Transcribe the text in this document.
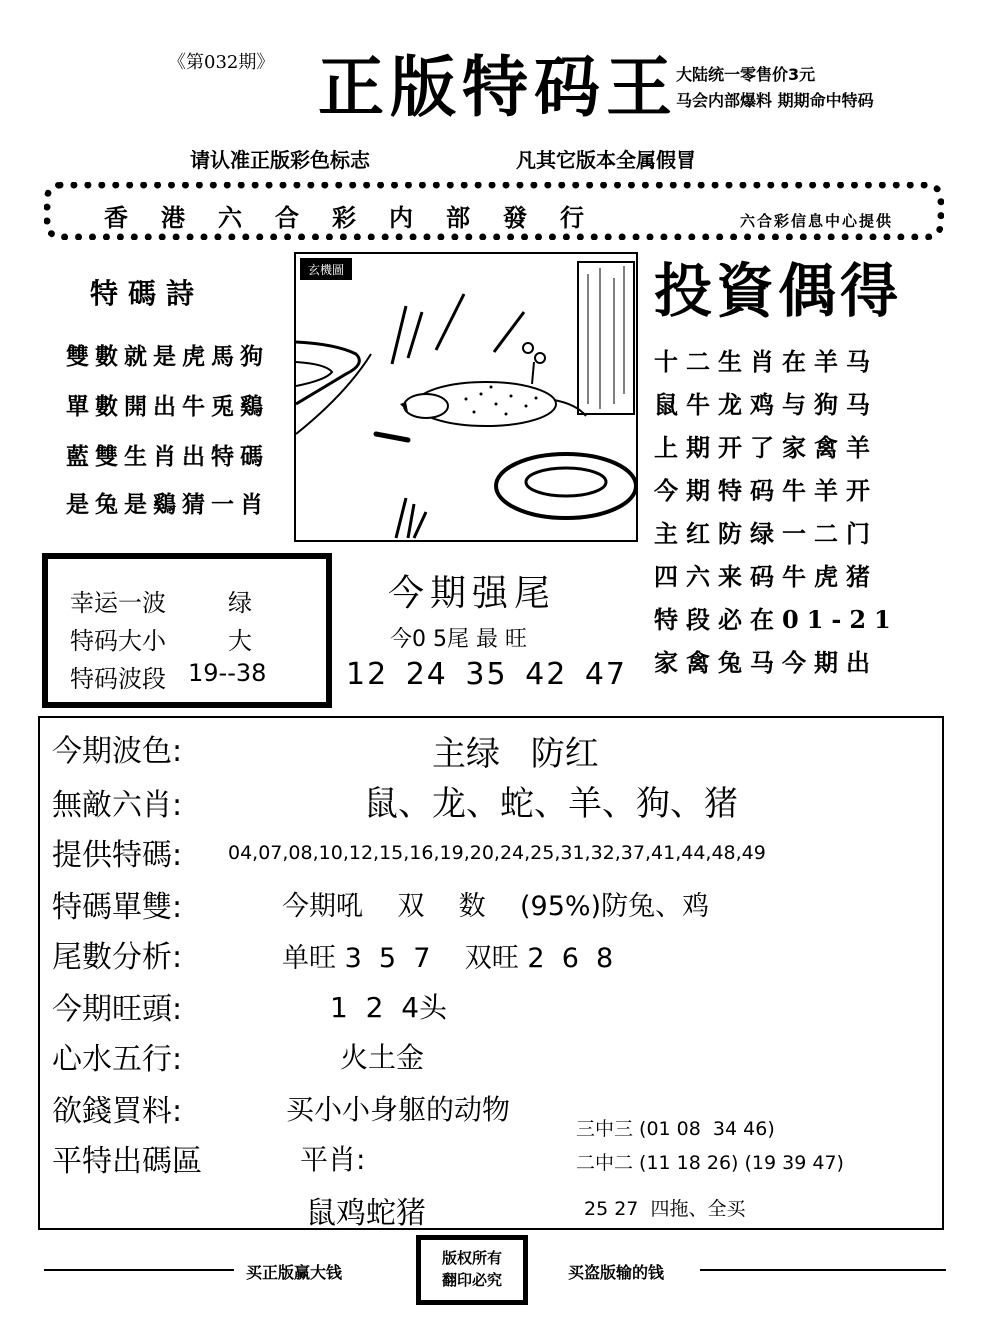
《第032期》 正版特码王
大陆统一零售价3元
马会内部爆料 期期命中特码
请认准正版彩色标志	凡其它版本全属假冒
香港六合彩内部發行	六合彩信息中心提供
特碼詩
雙數就是虎馬狗
單數開出牛兎鷄
藍雙生肖出特碼
是兔是鷄猜一肖
玄機圖	投資偶得
十二生肖在羊马
鼠牛龙鸡与狗马
上期开了家禽羊
今期特码牛羊开
主红防绿一二门
四六来码牛虎猪
特段必在01-21
家禽兔马今期出
幸运一波	绿
特码大小	大
特码波段 19--38
今期强尾
今0 5尾 最 旺
12 24 35 42 47
今期波色:	主绿 防红
無敵六肖:	鼠、龙、蛇、羊、狗、猪
提供特碼: 04,07,08,10,12,15,16,19,20,24,25,31,32,37,41,44,48,49
特碼單雙:	今期吼    双    数    (95%)防兔、鸡
尾數分析:	单旺 3  5  7    双旺 2  6  8
今期旺頭:	1  2  4头
心水五行:	火土金
欲錢買料:	买小小身躯的动物
平特出碼區	平肖:
鼠鸡蛇猪
三中三 (01 08  34 46)
二中二 (11 18 26) (19 39 47)
25 27  四拖、全买
买正版赢大钱
版权所有
翻印必究	买盗版输的钱
